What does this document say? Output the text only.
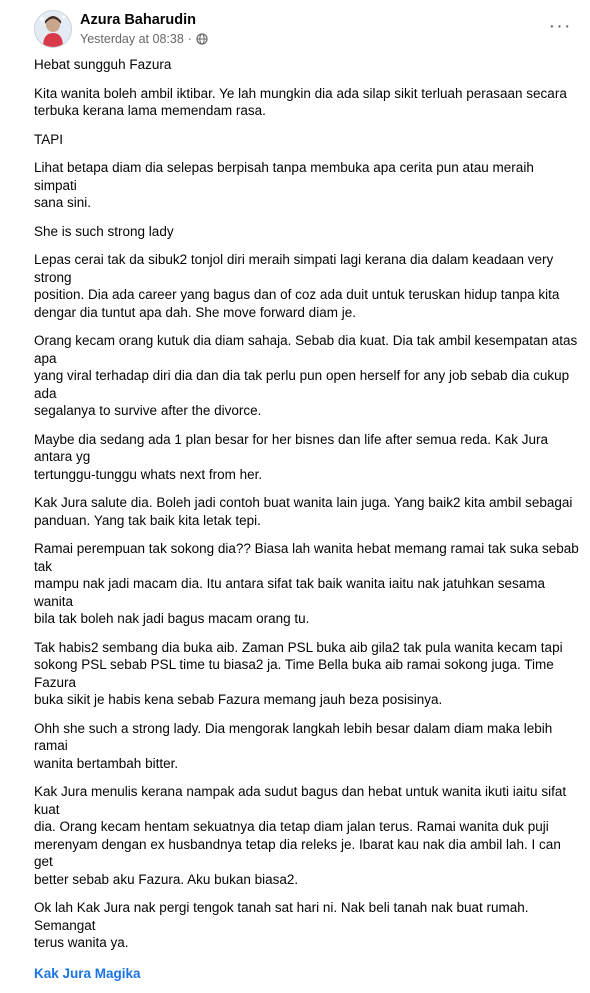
Azura Baharudin
Yesterday at 08:38 ·
···

Hebat sungguh Fazura

Kita wanita boleh ambil iktibar. Ye lah mungkin dia ada silap sikit terluah perasaan secara
terbuka kerana lama memendam rasa.

TAPI

Lihat betapa diam dia selepas berpisah tanpa membuka apa cerita pun atau meraih simpati
sana sini.

She is such strong lady

Lepas cerai tak da sibuk2 tonjol diri meraih simpati lagi kerana dia dalam keadaan very strong
position. Dia ada career yang bagus dan of coz ada duit untuk teruskan hidup tanpa kita
dengar dia tuntut apa dah. She move forward diam je.

Orang kecam orang kutuk dia diam sahaja. Sebab dia kuat. Dia tak ambil kesempatan atas apa
yang viral terhadap diri dia dan dia tak perlu pun open herself for any job sebab dia cukup ada
segalanya to survive after the divorce.

Maybe dia sedang ada 1 plan besar for her bisnes dan life after semua reda. Kak Jura antara yg
tertunggu-tunggu whats next from her.

Kak Jura salute dia. Boleh jadi contoh buat wanita lain juga. Yang baik2 kita ambil sebagai
panduan. Yang tak baik kita letak tepi.

Ramai perempuan tak sokong dia?? Biasa lah wanita hebat memang ramai tak suka sebab tak
mampu nak jadi macam dia. Itu antara sifat tak baik wanita iaitu nak jatuhkan sesama wanita
bila tak boleh nak jadi bagus macam orang tu.

Tak habis2 sembang dia buka aib. Zaman PSL buka aib gila2 tak pula wanita kecam tapi
sokong PSL sebab PSL time tu biasa2 ja. Time Bella buka aib ramai sokong juga. Time Fazura
buka sikit je habis kena sebab Fazura memang jauh beza posisinya.

Ohh she such a strong lady. Dia mengorak langkah lebih besar dalam diam maka lebih ramai
wanita bertambah bitter.

Kak Jura menulis kerana nampak ada sudut bagus dan hebat untuk wanita ikuti iaitu sifat kuat
dia. Orang kecam hentam sekuatnya dia tetap diam jalan terus. Ramai wanita duk puji
merenyam dengan ex husbandnya tetap dia releks je. Ibarat kau nak dia ambil lah. I can get
better sebab aku Fazura. Aku bukan biasa2.

Ok lah Kak Jura nak pergi tengok tanah sat hari ni. Nak beli tanah nak buat rumah. Semangat
terus wanita ya.

Kak Jura Magika
